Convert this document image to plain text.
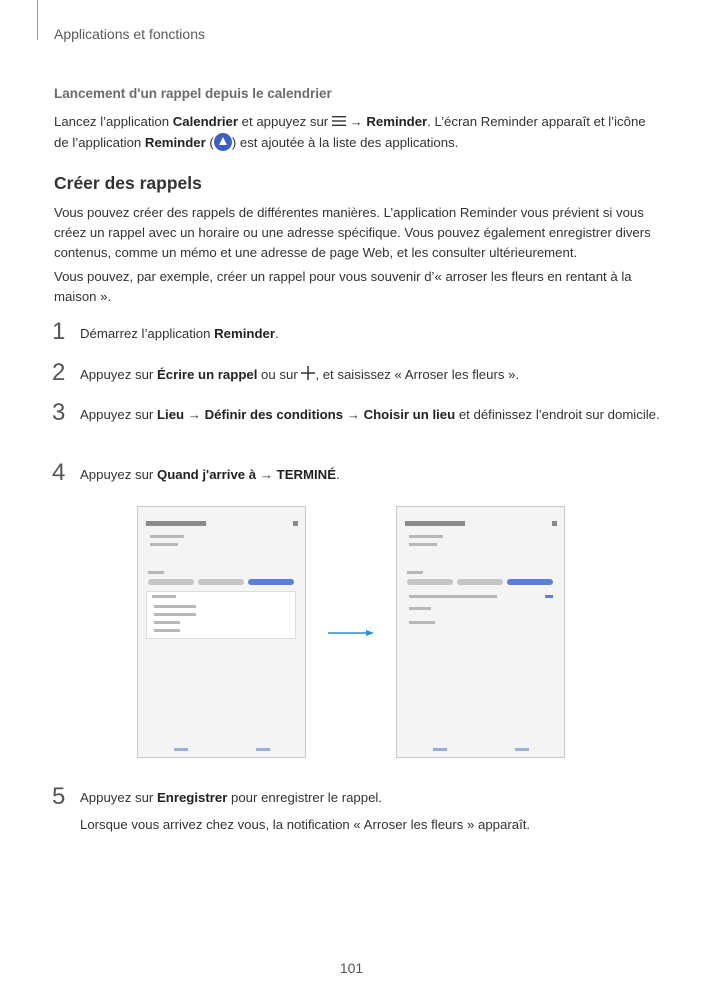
Applications et fonctions
Lancement d'un rappel depuis le calendrier
Lancez l’application Calendrier et appuyez sur  → Reminder. L’écran Reminder apparaît et l’icône de l’application Reminder ( ) est ajoutée à la liste des applications.
Créer des rappels
Vous pouvez créer des rappels de différentes manières. L’application Reminder vous prévient si vous créez un rappel avec un horaire ou une adresse spécifique. Vous pouvez également enregistrer divers contenus, comme un mémo et une adresse de page Web, et les consulter ultérieurement.
Vous pouvez, par exemple, créer un rappel pour vous souvenir d’« arroser les fleurs en rentant à la maison ».
1 Démarrez l’application Reminder.
2 Appuyez sur Écrire un rappel ou sur , et saisissez « Arroser les fleurs ».
3 Appuyez sur Lieu → Définir des conditions → Choisir un lieu et définissez l’endroit sur domicile.
4 Appuyez sur Quand j'arrive à → TERMINÉ.
5 Appuyez sur Enregistrer pour enregistrer le rappel.
Lorsque vous arrivez chez vous, la notification « Arroser les fleurs » apparaît.
101
